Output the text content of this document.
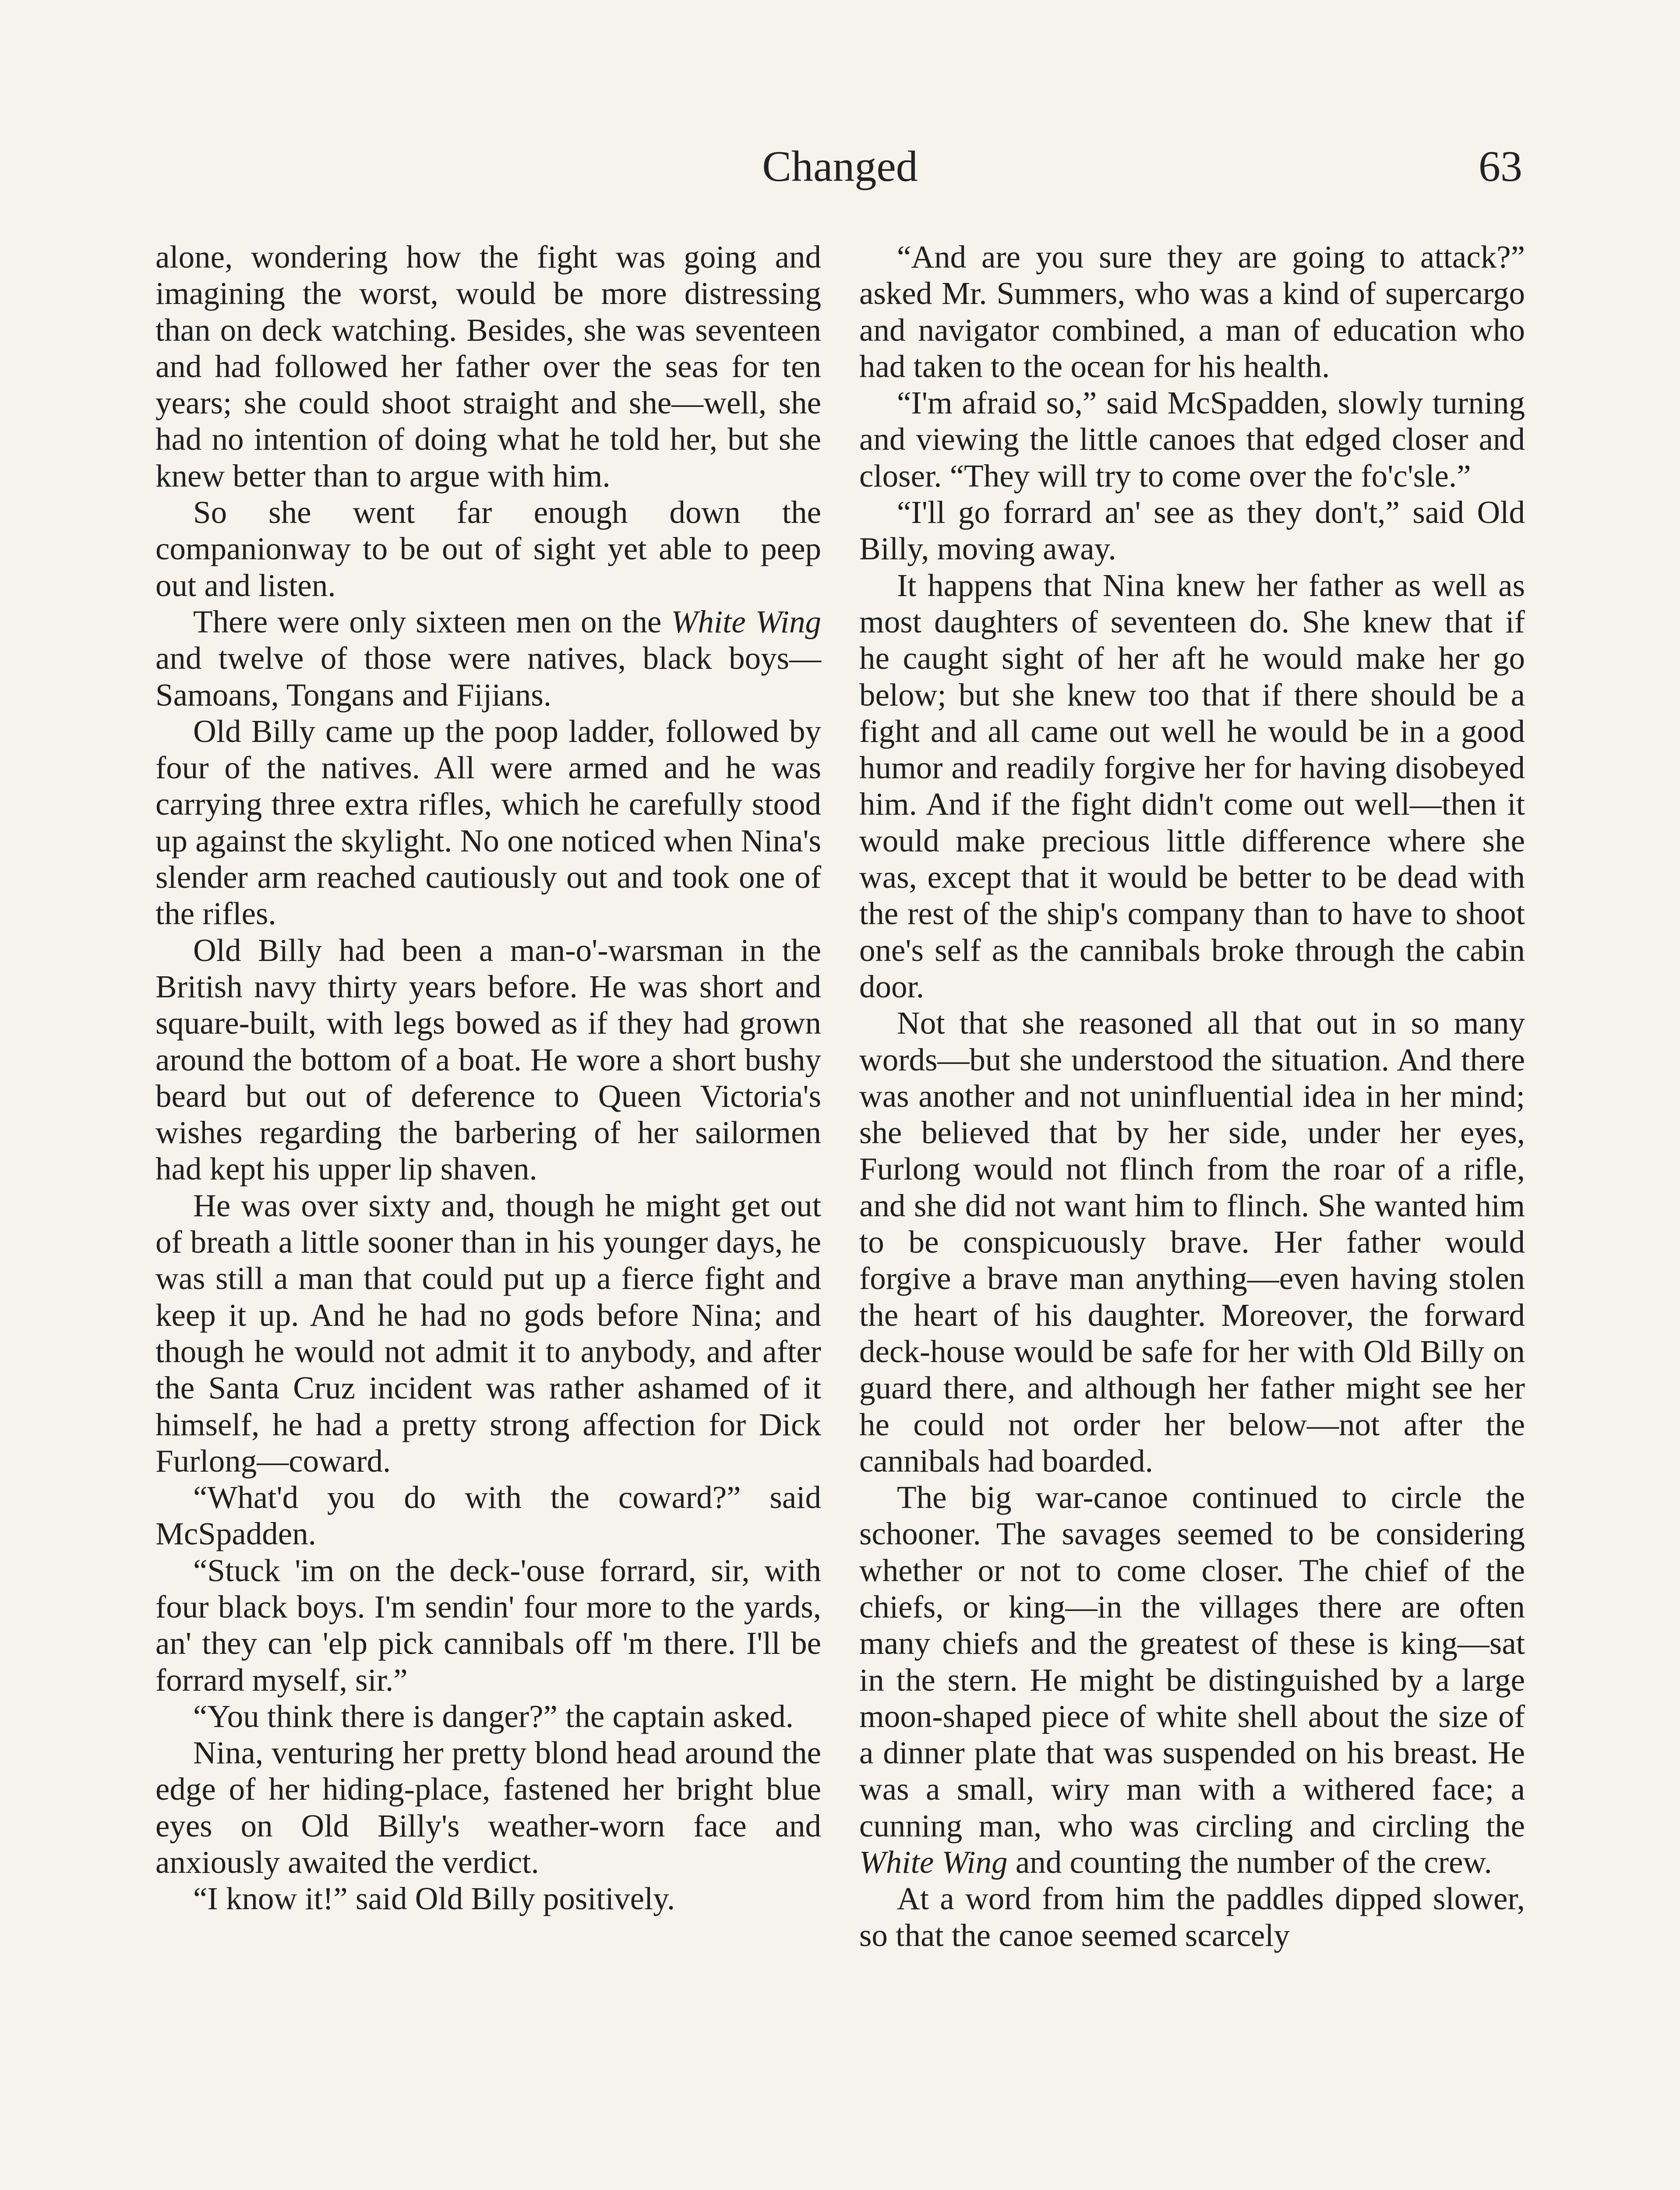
Changed	63

alone, wondering how the fight was going and imagining the worst, would be more distressing than on deck watching. Besides, she was seventeen and had followed her father over the seas for ten years; she could shoot straight and she—well, she had no intention of doing what he told her, but she knew better than to argue with him.

So she went far enough down the companionway to be out of sight yet able to peep out and listen.

There were only sixteen men on the White Wing and twelve of those were natives, black boys—Samoans, Tongans and Fijians.

Old Billy came up the poop ladder, followed by four of the natives. All were armed and he was carrying three extra rifles, which he carefully stood up against the skylight. No one noticed when Nina's slender arm reached cautiously out and took one of the rifles.

Old Billy had been a man-o'-warsman in the British navy thirty years before. He was short and square-built, with legs bowed as if they had grown around the bottom of a boat. He wore a short bushy beard but out of deference to Queen Victoria's wishes regarding the barbering of her sailormen had kept his upper lip shaven.

He was over sixty and, though he might get out of breath a little sooner than in his younger days, he was still a man that could put up a fierce fight and keep it up. And he had no gods before Nina; and though he would not admit it to anybody, and after the Santa Cruz incident was rather ashamed of it himself, he had a pretty strong affection for Dick Furlong—coward.

“What'd you do with the coward?” said McSpadden.

“Stuck 'im on the deck-'ouse forrard, sir, with four black boys. I'm sendin' four more to the yards, an' they can 'elp pick cannibals off 'm there. I'll be forrard myself, sir.”

“You think there is danger?” the captain asked.

Nina, venturing her pretty blond head around the edge of her hiding-place, fastened her bright blue eyes on Old Billy's weather-worn face and anxiously awaited the verdict.

“I know it!” said Old Billy positively.

“And are you sure they are going to attack?” asked Mr. Summers, who was a kind of supercargo and navigator combined, a man of education who had taken to the ocean for his health.

“I'm afraid so,” said McSpadden, slowly turning and viewing the little canoes that edged closer and closer. “They will try to come over the fo'c'sle.”

“I'll go forrard an' see as they don't,” said Old Billy, moving away.

It happens that Nina knew her father as well as most daughters of seventeen do. She knew that if he caught sight of her aft he would make her go below; but she knew too that if there should be a fight and all came out well he would be in a good humor and readily forgive her for having disobeyed him. And if the fight didn't come out well—then it would make precious little difference where she was, except that it would be better to be dead with the rest of the ship's company than to have to shoot one's self as the cannibals broke through the cabin door.

Not that she reasoned all that out in so many words—but she understood the situation. And there was another and not uninfluential idea in her mind; she believed that by her side, under her eyes, Furlong would not flinch from the roar of a rifle, and she did not want him to flinch. She wanted him to be conspicuously brave. Her father would forgive a brave man anything—even having stolen the heart of his daughter. Moreover, the forward deck-house would be safe for her with Old Billy on guard there, and although her father might see her he could not order her below—not after the cannibals had boarded.

The big war-canoe continued to circle the schooner. The savages seemed to be considering whether or not to come closer. The chief of the chiefs, or king—in the villages there are often many chiefs and the greatest of these is king—sat in the stern. He might be distinguished by a large moon-shaped piece of white shell about the size of a dinner plate that was suspended on his breast. He was a small, wiry man with a withered face; a cunning man, who was circling and circling the White Wing and counting the number of the crew.

At a word from him the paddles dipped slower, so that the canoe seemed scarcely
